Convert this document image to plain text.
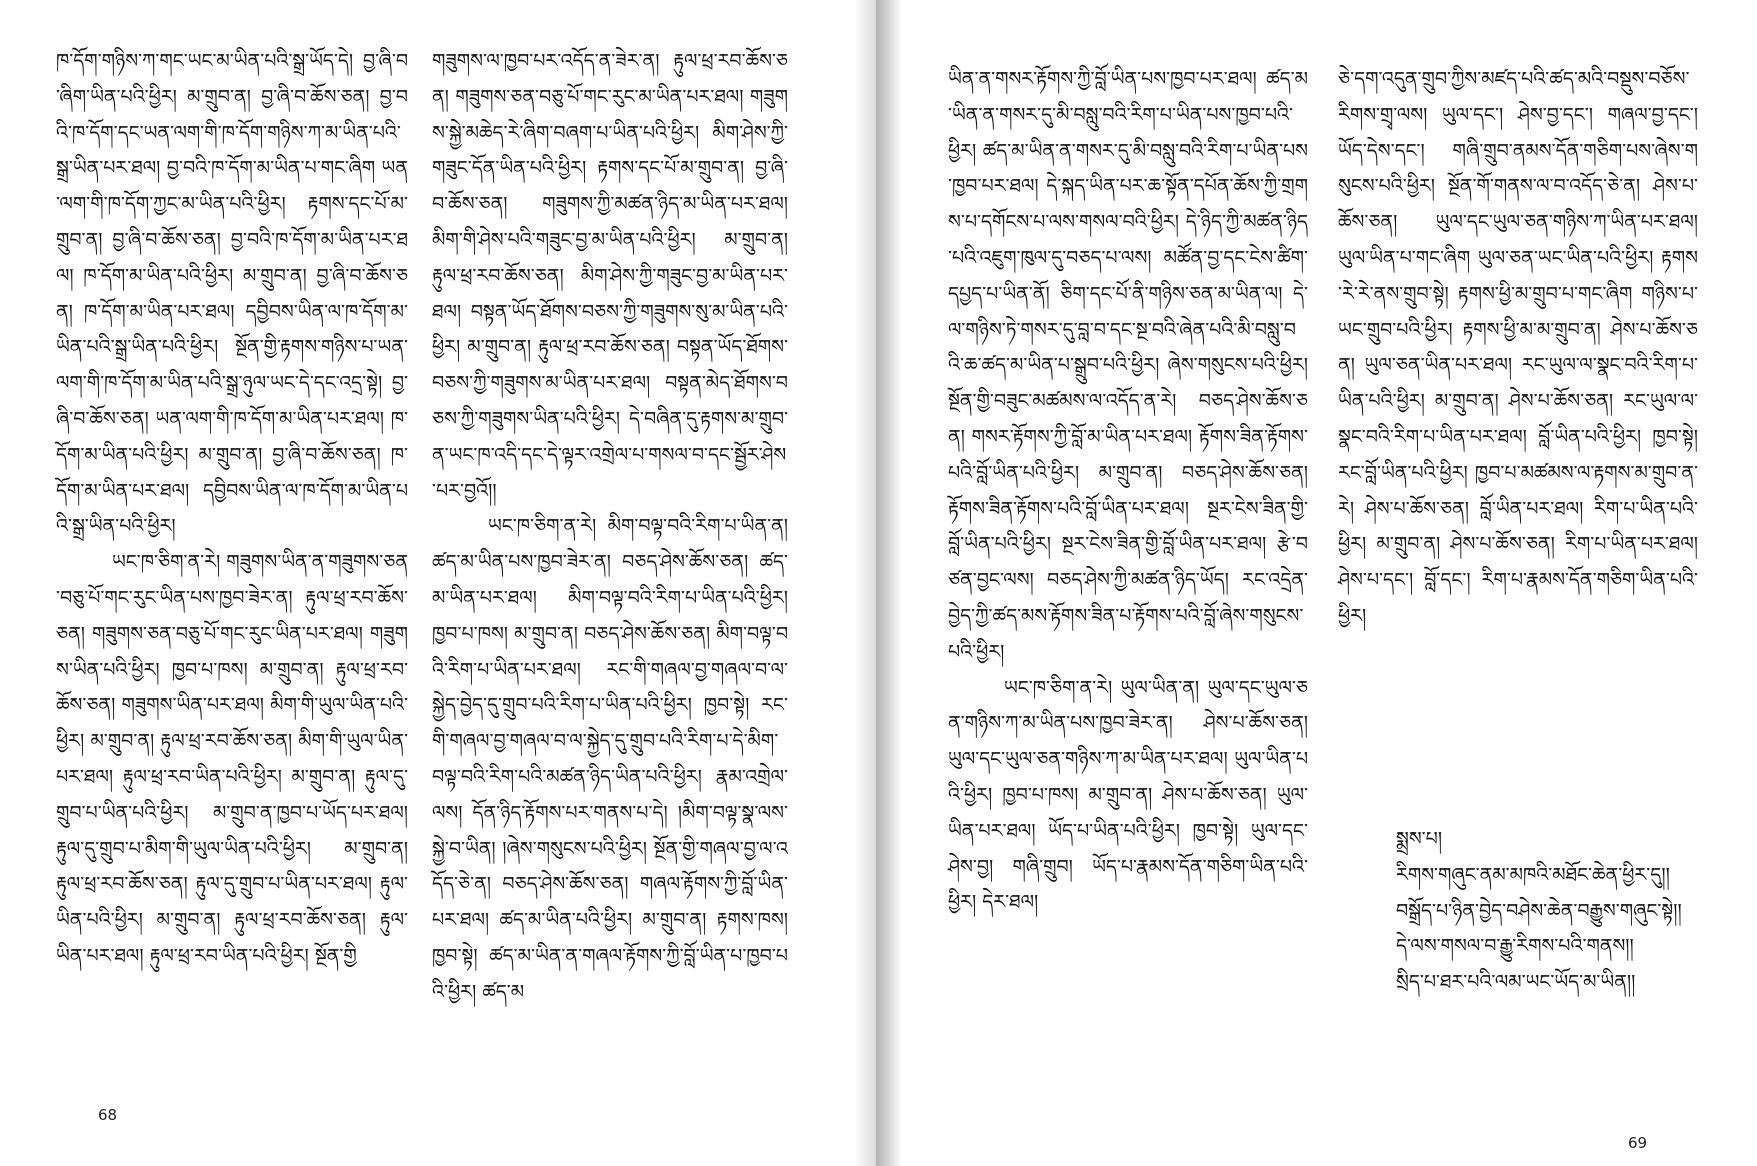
ཁ་དོག་གཉིས་ཀ་གང་ཡང་མ་ཡིན་པའི་སྒྲ་ཡོད་དེ། བྱ་ཞི་བ་ཞིག་ཡིན་པའི་ཕྱིར། མ་གྲུབ་ན། བྱ་ཞི་བ་ཆོས་ཅན། བྱ་བའི་ཁ་དོག་དང་ཡན་ལག་གི་ཁ་དོག་གཉིས་ཀ་མ་ཡིན་པའི་སྒྲ་ཡིན་པར་ཐལ། བྱ་བའི་ཁ་དོག་མ་ཡིན་པ་གང་ཞིག ཡན་ལག་གི་ཁ་དོག་ཀྱང་མ་ཡིན་པའི་ཕྱིར། རྟགས་དང་པོ་མ་གྲུབ་ན། བྱ་ཞི་བ་ཆོས་ཅན། བྱ་བའི་ཁ་དོག་མ་ཡིན་པར་ཐལ། ཁ་དོག་མ་ཡིན་པའི་ཕྱིར། མ་གྲུབ་ན། བྱ་ཞི་བ་ཆོས་ཅན། ཁ་དོག་མ་ཡིན་པར་ཐལ། དབྱིབས་ཡིན་ལ་ཁ་དོག་མ་ཡིན་པའི་སྒྲ་ཡིན་པའི་ཕྱིར། སྔོན་གྱི་རྟགས་གཉིས་པ་ཡན་ལག་གི་ཁ་དོག་མ་ཡིན་པའི་སྒྲ་ཉུལ་ཡང་དེ་དང་འདྲ་སྟེ། བྱ་ཞི་བ་ཆོས་ཅན། ཡན་ལག་གི་ཁ་དོག་མ་ཡིན་པར་ཐལ། ཁ་དོག་མ་ཡིན་པའི་ཕྱིར། མ་གྲུབ་ན། བྱ་ཞི་བ་ཆོས་ཅན། ཁ་དོག་མ་ཡིན་པར་ཐལ། དབྱིབས་ཡིན་ལ་ཁ་དོག་མ་ཡིན་པའི་སྒྲ་ཡིན་པའི་ཕྱིར།

ཡང་ཁ་ཅིག་ན་རེ། གཟུགས་ཡིན་ན་གཟུགས་ཅན་བཅུ་པོ་གང་རུང་ཡིན་པས་ཁྱབ་ཟེར་ན། རྟུལ་ཕྲ་རབ་ཆོས་ཅན། གཟུགས་ཅན་བཅུ་པོ་གང་རུང་ཡིན་པར་ཐལ། གཟུགས་ཡིན་པའི་ཕྱིར། ཁྱབ་པ་ཁས། མ་གྲུབ་ན། རྟུལ་ཕྲ་རབ་ཆོས་ཅན། གཟུགས་ཡིན་པར་ཐལ། མིག་གི་ཡུལ་ཡིན་པའི་ཕྱིར། མ་གྲུབ་ན། རྟུལ་ཕྲ་རབ་ཆོས་ཅན། མིག་གི་ཡུལ་ཡིན་པར་ཐལ། རྟུལ་ཕྲ་རབ་ཡིན་པའི་ཕྱིར། མ་གྲུབ་ན། རྟུལ་དུ་གྲུབ་པ་ཡིན་པའི་ཕྱིར། མ་གྲུབ་ན་ཁྱབ་པ་ཡོད་པར་ཐལ། རྟུལ་དུ་གྲུབ་པ་མིག་གི་ཡུལ་ཡིན་པའི་ཕྱིར། མ་གྲུབ་ན། རྟུལ་ཕྲ་རབ་ཆོས་ཅན། རྟུལ་དུ་གྲུབ་པ་ཡིན་པར་ཐལ། རྟུལ་ཡིན་པའི་ཕྱིར། མ་གྲུབ་ན། རྟུལ་ཕྲ་རབ་ཆོས་ཅན། རྟུལ་ཡིན་པར་ཐལ། རྟུལ་ཕྲ་རབ་ཡིན་པའི་ཕྱིར། སྔོན་གྱི

གཟུགས་ལ་ཁྱབ་པར་འདོད་ན་ཟེར་ན། རྟུལ་ཕྲ་རབ་ཆོས་ཅན། གཟུགས་ཅན་བཅུ་པོ་གང་རུང་མ་ཡིན་པར་ཐལ། གཟུགས་སྐྱེ་མཆེད་རེ་ཞིག་བཞག་པ་ཡིན་པའི་ཕྱིར། མིག་ཤེས་ཀྱི་གཟུང་དོན་ཡིན་པའི་ཕྱིར། རྟགས་དང་པོ་མ་གྲུབ་ན། བྱ་ཞི་བ་ཆོས་ཅན། གཟུགས་ཀྱི་མཚན་ཉིད་མ་ཡིན་པར་ཐལ། མིག་གི་ཤེས་པའི་གཟུང་བྱ་མ་ཡིན་པའི་ཕྱིར། མ་གྲུབ་ན། རྟུལ་ཕྲ་རབ་ཆོས་ཅན། མིག་ཤེས་ཀྱི་གཟུང་བྱ་མ་ཡིན་པར་ཐལ། བསྟན་ཡོད་ཐོགས་བཅས་ཀྱི་གཟུགས་སུ་མ་ཡིན་པའི་ཕྱིར། མ་གྲུབ་ན། རྟུལ་ཕྲ་རབ་ཆོས་ཅན། བསྟན་ཡོད་ཐོགས་བཅས་ཀྱི་གཟུགས་མ་ཡིན་པར་ཐལ། བསྟན་མེད་ཐོགས་བཅས་ཀྱི་གཟུགས་ཡིན་པའི་ཕྱིར། དེ་བཞིན་དུ་རྟགས་མ་གྲུབ་ན་ཡང་ཁ་འདི་དང་དེ་ལྟར་འགྲེལ་པ་གསལ་བ་དང་སྦྱོར་ཤེས་པར་བྱའོ།།

ཡང་ཁ་ཅིག་ན་རེ། མིག་བལྟ་བའི་རིག་པ་ཡིན་ན། ཚད་མ་ཡིན་པས་ཁྱབ་ཟེར་ན། བཅད་ཤེས་ཆོས་ཅན། ཚད་མ་ཡིན་པར་ཐལ། མིག་བལྟ་བའི་རིག་པ་ཡིན་པའི་ཕྱིར། ཁྱབ་པ་ཁས། མ་གྲུབ་ན། བཅད་ཤེས་ཆོས་ཅན། མིག་བལྟ་བའི་རིག་པ་ཡིན་པར་ཐལ། རང་གི་གཞལ་བྱ་གཞལ་བ་ལ་སྐྱེད་བྱེད་དུ་གྲུབ་པའི་རིག་པ་ཡིན་པའི་ཕྱིར། ཁྱབ་སྟེ། རང་གི་གཞལ་བྱ་གཞལ་བ་ལ་སྐྱེད་དུ་གྲུབ་པའི་རིག་པ་དེ་མིག་བལྟ་བའི་རིག་པའི་མཚན་ཉིད་ཡིན་པའི་ཕྱིར། རྣམ་འགྲེལ་ལས། དོན་ཉིད་རྟོགས་པར་གནས་པ་དེ། །མིག་བལྟ་སྣ་ལས་སྐྱེ་བ་ཡིན། །ཞེས་གསུངས་པའི་ཕྱིར། སྔོན་གྱི་གཞལ་བྱ་ལ་འདོད་ཅེ་ན། བཅད་ཤེས་ཆོས་ཅན། གཞལ་རྟོགས་ཀྱི་བློ་ཡིན་པར་ཐལ། ཚད་མ་ཡིན་པའི་ཕྱིར། མ་གྲུབ་ན། རྟགས་ཁས། ཁྱབ་སྟེ། ཚད་མ་ཡིན་ན་གཞལ་རྟོགས་ཀྱི་བློ་ཡིན་པ་ཁྱབ་པའི་ཕྱིར། ཚད་མ

68

ཡིན་ན་གསར་རྟོགས་ཀྱི་བློ་ཡིན་པས་ཁྱབ་པར་ཐལ། ཚད་མ་ཡིན་ན་གསར་དུ་མི་བསླུ་བའི་རིག་པ་ཡིན་པས་ཁྱབ་པའི་ཕྱིར། ཚད་མ་ཡིན་ན་གསར་དུ་མི་བསླུ་བའི་རིག་པ་ཡིན་པས་ཁྱབ་པར་ཐལ། དེ་སྐད་ཡིན་པར་ཆ་སྟོན་དཔོན་ཆོས་ཀྱི་གྲགས་པ་དགོངས་པ་ལས་གསལ་བའི་ཕྱིར། དེ་ཉིད་ཀྱི་མཚན་ཉིད་པའི་འཇུག་ཁུལ་དུ་བཅད་པ་ལས། མཚོན་བྱ་དང་ངེས་ཚིག་དཔྱད་པ་ཡིན་ནོ། ཅིག་དང་པོ་ནི་གཉིས་ཅན་མ་ཡིན་ལ། དེ་ལ་གཉིས་ཏེ་གསར་དུ་བླ་བ་དང་སྔ་བའི་ཞེན་པའི་མི་བསླུ་བའི་ཆ་ཚད་མ་ཡིན་པ་སྒྲུབ་པའི་ཕྱིར། ཞེས་གསུངས་པའི་ཕྱིར། སྔོན་གྱི་བཟུང་མཚམས་ལ་འདོད་ན་རེ། བཅད་ཤེས་ཆོས་ཅན། གསར་རྟོགས་ཀྱི་བློ་མ་ཡིན་པར་ཐལ། རྟོགས་ཟིན་རྟོགས་པའི་བློ་ཡིན་པའི་ཕྱིར། མ་གྲུབ་ན། བཅད་ཤེས་ཆོས་ཅན། རྟོགས་ཟིན་རྟོགས་པའི་བློ་ཡིན་པར་ཐལ། སྔར་ངེས་ཟིན་གྱི་བློ་ཡིན་པའི་ཕྱིར། སྔར་ངེས་ཟིན་གྱི་བློ་ཡིན་པར་ཐལ། རྩེ་བཙན་བྱང་ལས། བཅད་ཤེས་ཀྱི་མཚན་ཉིད་ཡོད། རང་འདྲེན་བྱེད་ཀྱི་ཚད་མས་རྟོགས་ཟིན་པ་རྟོགས་པའི་བློ་ཞེས་གསུངས་པའི་ཕྱིར།

ཡང་ཁ་ཅིག་ན་རེ། ཡུལ་ཡིན་ན། ཡུལ་དང་ཡུལ་ཅན་གཉིས་ཀ་མ་ཡིན་པས་ཁྱབ་ཟེར་ན། ཤེས་པ་ཆོས་ཅན། ཡུལ་དང་ཡུལ་ཅན་གཉིས་ཀ་མ་ཡིན་པར་ཐལ། ཡུལ་ཡིན་པའི་ཕྱིར། ཁྱབ་པ་ཁས། མ་གྲུབ་ན། ཤེས་པ་ཆོས་ཅན། ཡུལ་ཡིན་པར་ཐལ། ཡོད་པ་ཡིན་པའི་ཕྱིར། ཁྱབ་སྟེ། ཡུལ་དང་ཤེས་བྱ། གཞི་གྲུབ། ཡོད་པ་རྣམས་དོན་གཅིག་ཡིན་པའི་ཕྱིར། དེར་ཐལ།

ཅེ་དག་འདུན་གྲུབ་ཀྱིས་མཛད་པའི་ཚད་མའི་བསྡུས་བཅོས་རིགས་གྲྭ་ལས། ཡུལ་དང་། ཤེས་བྱ་དང་། གཞལ་བྱ་དང་། ཡོད་དེས་དང་། གཞི་གྲུབ་ནམས་དོན་གཅིག་པས་ཞེས་གསུངས་པའི་ཕྱིར། སྔོན་གོ་གནས་ལ་བ་འདོད་ཅེ་ན། ཤེས་པ་ཆོས་ཅན། ཡུལ་དང་ཡུལ་ཅན་གཉིས་ཀ་ཡིན་པར་ཐལ། ཡུལ་ཡིན་པ་གང་ཞིག ཡུལ་ཅན་ཡང་ཡིན་པའི་ཕྱིར། རྟགས་རེ་རེ་ནས་གྲུབ་སྟེ། རྟགས་ཕྱི་མ་གྲུབ་པ་གང་ཞིག གཉིས་པ་ཡང་གྲུབ་པའི་ཕྱིར། རྟགས་ཕྱི་མ་མ་གྲུབ་ན། ཤེས་པ་ཆོས་ཅན། ཡུལ་ཅན་ཡིན་པར་ཐལ། རང་ཡུལ་ལ་སྣང་བའི་རིག་པ་ཡིན་པའི་ཕྱིར། མ་གྲུབ་ན། ཤེས་པ་ཆོས་ཅན། རང་ཡུལ་ལ་སྣང་བའི་རིག་པ་ཡིན་པར་ཐལ། བློ་ཡིན་པའི་ཕྱིར། ཁྱབ་སྟེ། རང་བློ་ཡིན་པའི་ཕྱིར། ཁྱབ་པ་མཚམས་ལ་རྟགས་མ་གྲུབ་ན་རེ། ཤེས་པ་ཆོས་ཅན། བློ་ཡིན་པར་ཐལ། རིག་པ་ཡིན་པའི་ཕྱིར། མ་གྲུབ་ན། ཤེས་པ་ཆོས་ཅན། རིག་པ་ཡིན་པར་ཐལ། ཤེས་པ་དང་། བློ་དང་། རིག་པ་རྣམས་དོན་གཅིག་ཡིན་པའི་ཕྱིར།

སྨྲས་པ།

རིགས་གཞུང་ནམ་མཁའི་མཐོང་ཆེན་ཕྱིར་དུ།།

བསྒྲོད་པ་ཉིན་བྱེད་བཤེས་ཆེན་བརྒྱུས་གཞུང་སྟེ།།

དེ་ལས་གསལ་བ་རྒྱུ་རིགས་པའི་གནས།།

སྲིད་པ་ཐར་པའི་ལམ་ཡང་ཡོད་མ་ཡིན།།

69
